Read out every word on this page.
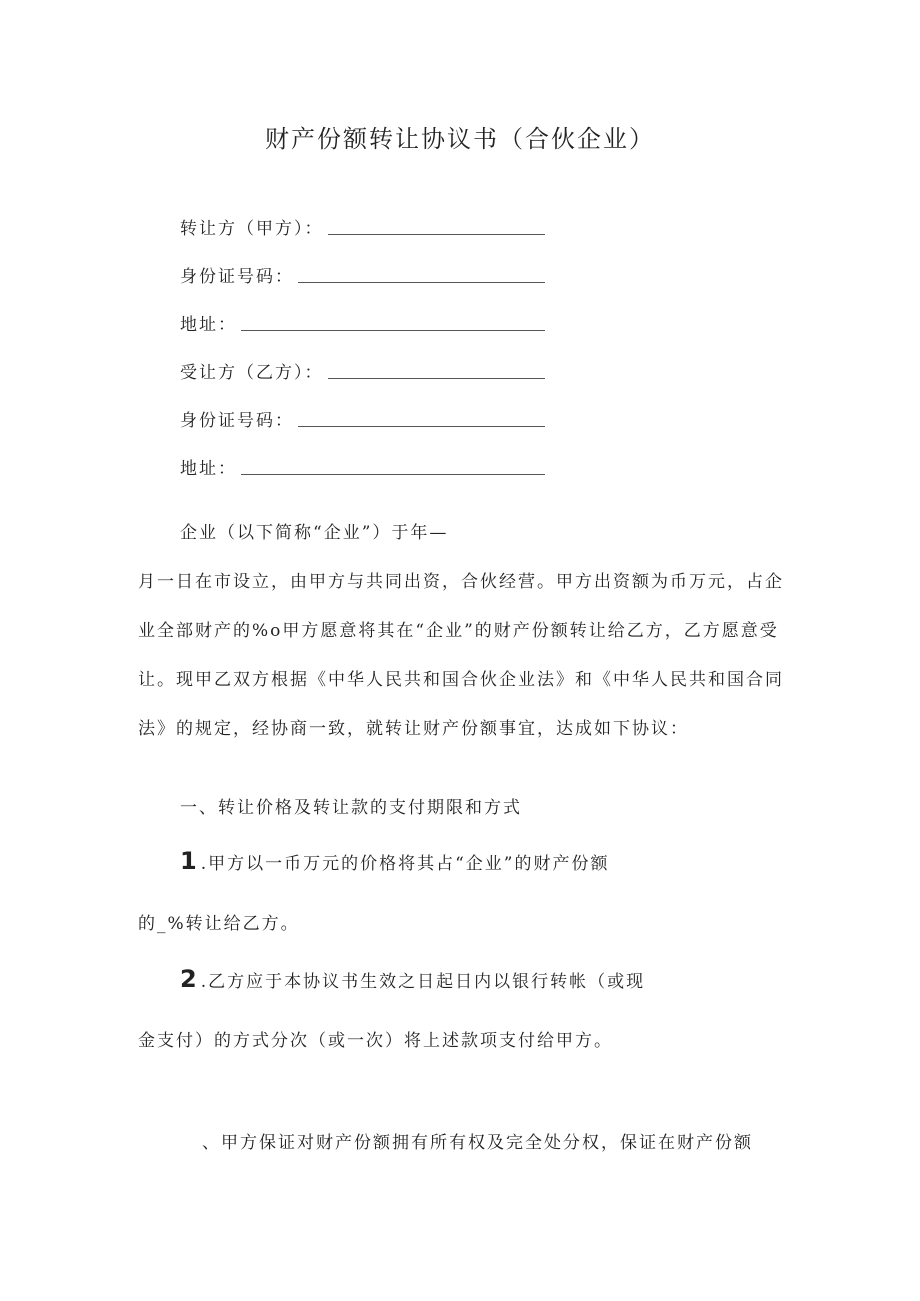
财产份额转让协议书（合伙企业）
转让方（甲方）：
身份证号码：
地址：
受让方（乙方）：
身份证号码：
地址：

企业（以下简称“企业”）于年—
月一日在市设立，由甲方与共同出资，合伙经营。甲方出资额为币万元，占企业全部财产的%o甲方愿意将其在“企业”的财产份额转让给乙方，乙方愿意受让。现甲乙双方根据《中华人民共和国合伙企业法》和《中华人民共和国合同法》的规定，经协商一致，就转让财产份额事宜，达成如下协议：

一、转让价格及转让款的支付期限和方式
1.甲方以一币万元的价格将其占“企业”的财产份额
的_%转让给乙方。
2.乙方应于本协议书生效之日起日内以银行转帐（或现
金支付）的方式分次（或一次）将上述款项支付给甲方。
、甲方保证对财产份额拥有所有权及完全处分权，保证在财产份额
